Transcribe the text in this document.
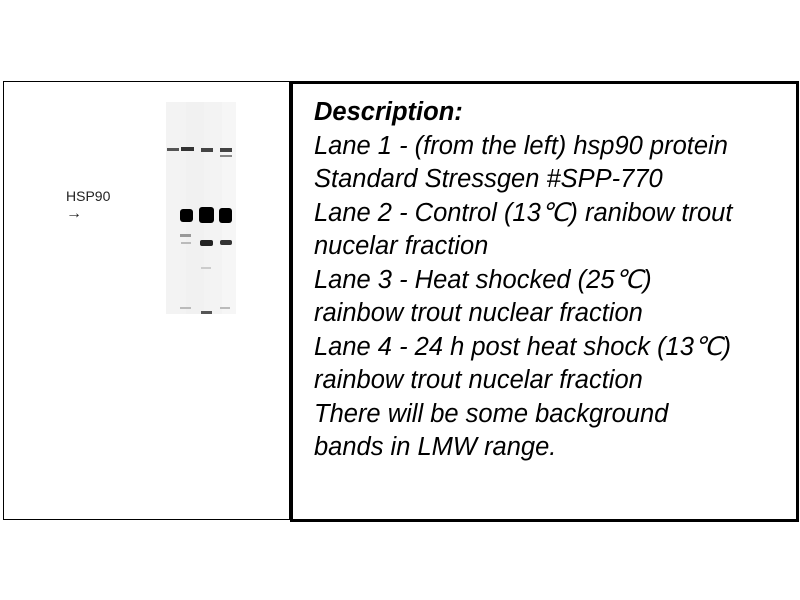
HSP90
→
Description:
Lane 1 - (from the left) hsp90 protein
Standard Stressgen #SPP-770
Lane 2 - Control (13℃) ranibow trout
nucelar fraction
Lane 3 - Heat shocked (25℃)
rainbow trout nuclear fraction
Lane 4 - 24 h post heat shock (13℃)
rainbow trout nucelar fraction
There will be some background
bands in LMW range.
